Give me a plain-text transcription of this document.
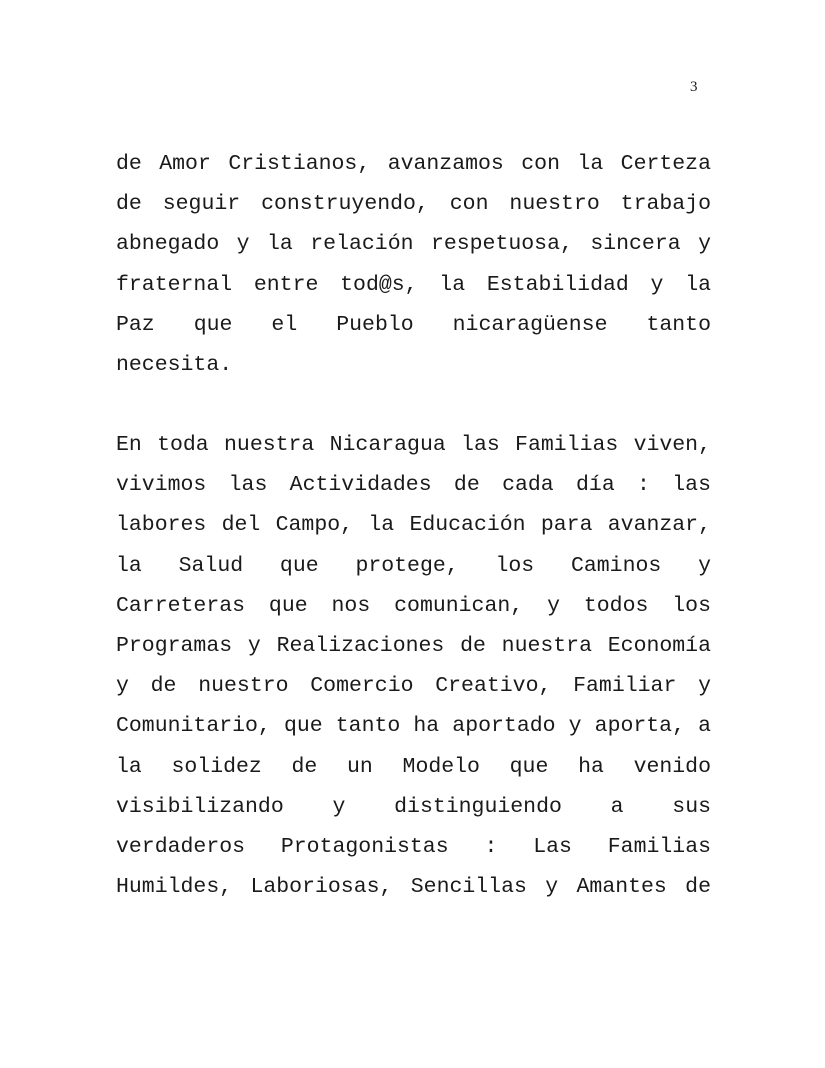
3
de Amor Cristianos, avanzamos con la Certeza
de seguir construyendo, con nuestro trabajo
abnegado y la relación respetuosa, sincera y
fraternal entre tod@s, la Estabilidad y la
Paz que el Pueblo nicaragüense tanto
necesita.
En toda nuestra Nicaragua las Familias viven,
vivimos las Actividades de cada día : las
labores del Campo, la Educación para avanzar,
la Salud que protege, los Caminos y
Carreteras que nos comunican, y todos los
Programas y Realizaciones de nuestra Economía
y de nuestro Comercio Creativo, Familiar y
Comunitario, que tanto ha aportado y aporta, a
la solidez de un Modelo que ha venido
visibilizando y distinguiendo a sus
verdaderos Protagonistas : Las Familias
Humildes, Laboriosas, Sencillas y Amantes de
